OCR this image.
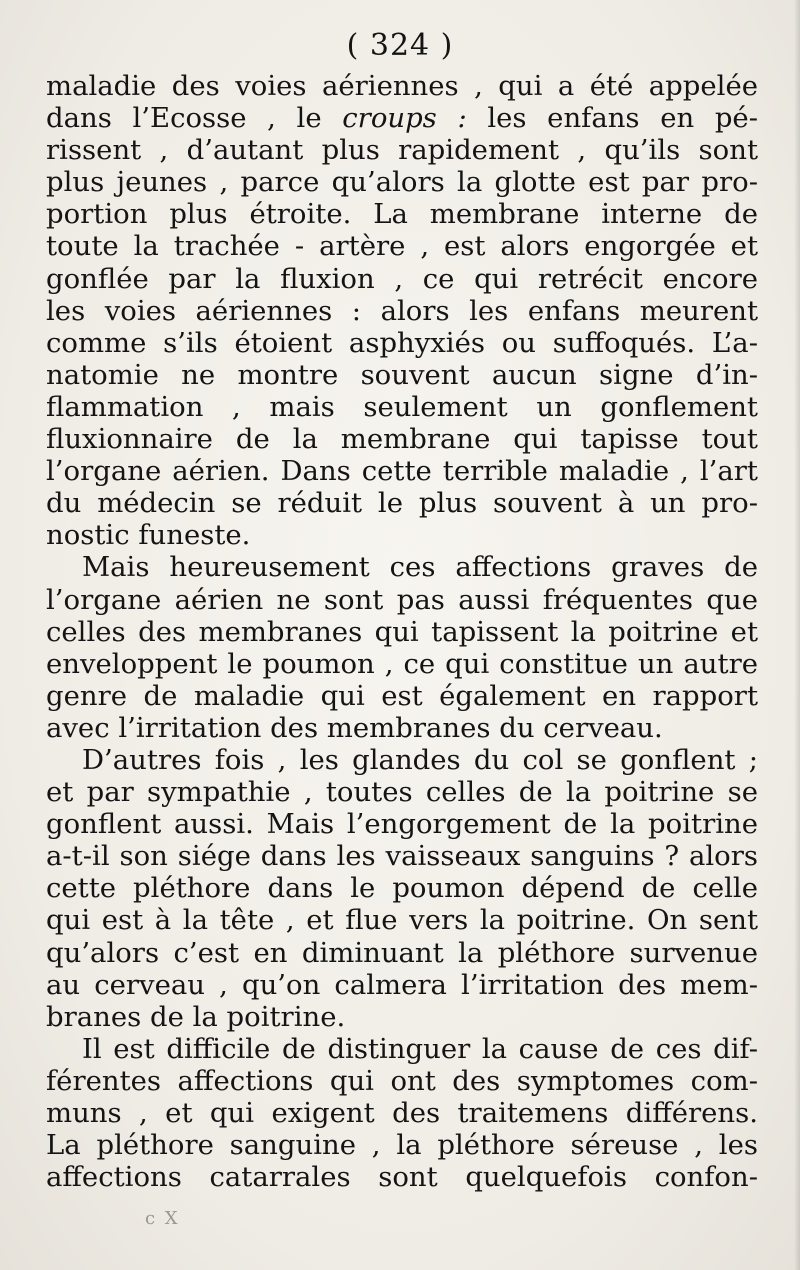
( 324 )
maladie des voies aériennes , qui a été appelée
dans l’Ecosse , le croups : les enfans en pé-
rissent , d’autant plus rapidement , qu’ils sont
plus jeunes , parce qu’alors la glotte est par pro-
portion plus étroite. La membrane interne de
toute la trachée - artère , est alors engorgée et
gonflée par la fluxion , ce qui retrécit encore
les voies aériennes : alors les enfans meurent
comme s’ils étoient asphyxiés ou suffoqués. L’a-
natomie ne montre souvent aucun signe d’in-
flammation , mais seulement un gonflement
fluxionnaire de la membrane qui tapisse tout
l’organe aérien. Dans cette terrible maladie , l’art
du médecin se réduit le plus souvent à un pro-
nostic funeste.
Mais heureusement ces affections graves de
l’organe aérien ne sont pas aussi fréquentes que
celles des membranes qui tapissent la poitrine et
enveloppent le poumon , ce qui constitue un autre
genre de maladie qui est également en rapport
avec l’irritation des membranes du cerveau.
D’autres fois , les glandes du col se gonflent ;
et par sympathie , toutes celles de la poitrine se
gonflent aussi. Mais l’engorgement de la poitrine
a-t-il son siége dans les vaisseaux sanguins ? alors
cette pléthore dans le poumon dépend de celle
qui est à la tête , et flue vers la poitrine. On sent
qu’alors c’est en diminuant la pléthore survenue
au cerveau , qu’on calmera l’irritation des mem-
branes de la poitrine.
Il est difficile de distinguer la cause de ces dif-
férentes affections qui ont des symptomes com-
muns , et qui exigent des traitemens différens.
La pléthore sanguine , la pléthore séreuse , les
affections catarrales sont quelquefois confon-
c X
